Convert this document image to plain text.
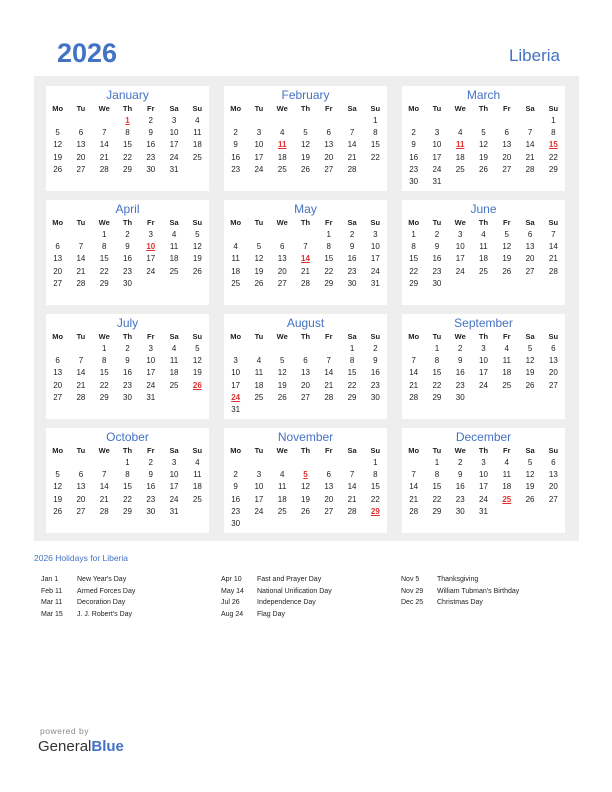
2026	Liberia
January
Mo	Tu	We	Th	Fr	Sa	Su
			1	2	3	4
5	6	7	8	9	10	11
12	13	14	15	16	17	18
19	20	21	22	23	24	25
26	27	28	29	30	31	
February
Mo	Tu	We	Th	Fr	Sa	Su
						1
2	3	4	5	6	7	8
9	10	11	12	13	14	15
16	17	18	19	20	21	22
23	24	25	26	27	28	
March
Mo	Tu	We	Th	Fr	Sa	Su
						1
2	3	4	5	6	7	8
9	10	11	12	13	14	15
16	17	18	19	20	21	22
23	24	25	26	27	28	29
30	31					
April
Mo	Tu	We	Th	Fr	Sa	Su
		1	2	3	4	5
6	7	8	9	10	11	12
13	14	15	16	17	18	19
20	21	22	23	24	25	26
27	28	29	30			
May
Mo	Tu	We	Th	Fr	Sa	Su
				1	2	3
4	5	6	7	8	9	10
11	12	13	14	15	16	17
18	19	20	21	22	23	24
25	26	27	28	29	30	31
June
Mo	Tu	We	Th	Fr	Sa	Su
1	2	3	4	5	6	7
8	9	10	11	12	13	14
15	16	17	18	19	20	21
22	23	24	25	26	27	28
29	30					
July
Mo	Tu	We	Th	Fr	Sa	Su
		1	2	3	4	5
6	7	8	9	10	11	12
13	14	15	16	17	18	19
20	21	22	23	24	25	26
27	28	29	30	31		
August
Mo	Tu	We	Th	Fr	Sa	Su
					1	2
3	4	5	6	7	8	9
10	11	12	13	14	15	16
17	18	19	20	21	22	23
24	25	26	27	28	29	30
31						
September
Mo	Tu	We	Th	Fr	Sa	Su
	1	2	3	4	5	6
7	8	9	10	11	12	13
14	15	16	17	18	19	20
21	22	23	24	25	26	27
28	29	30				
October
Mo	Tu	We	Th	Fr	Sa	Su
			1	2	3	4
5	6	7	8	9	10	11
12	13	14	15	16	17	18
19	20	21	22	23	24	25
26	27	28	29	30	31	
November
Mo	Tu	We	Th	Fr	Sa	Su
						1
2	3	4	5	6	7	8
9	10	11	12	13	14	15
16	17	18	19	20	21	22
23	24	25	26	27	28	29
30						
December
Mo	Tu	We	Th	Fr	Sa	Su
	1	2	3	4	5	6
7	8	9	10	11	12	13
14	15	16	17	18	19	20
21	22	23	24	25	26	27
28	29	30	31			
2026 Holidays for Liberia
Jan 1	New Year's Day
Feb 11 Armed Forces Day
Mar 11 Decoration Day
Mar 15 J. J. Robert's Day
Apr 10 Fast and Prayer Day
May 14 National Unification Day
Jul 26 Independence Day
Aug 24 Flag Day
Nov 5	Thanksgiving
Nov 29 William Tubman's Birthday
Dec 25 Christmas Day
powered by
GeneralBlue
